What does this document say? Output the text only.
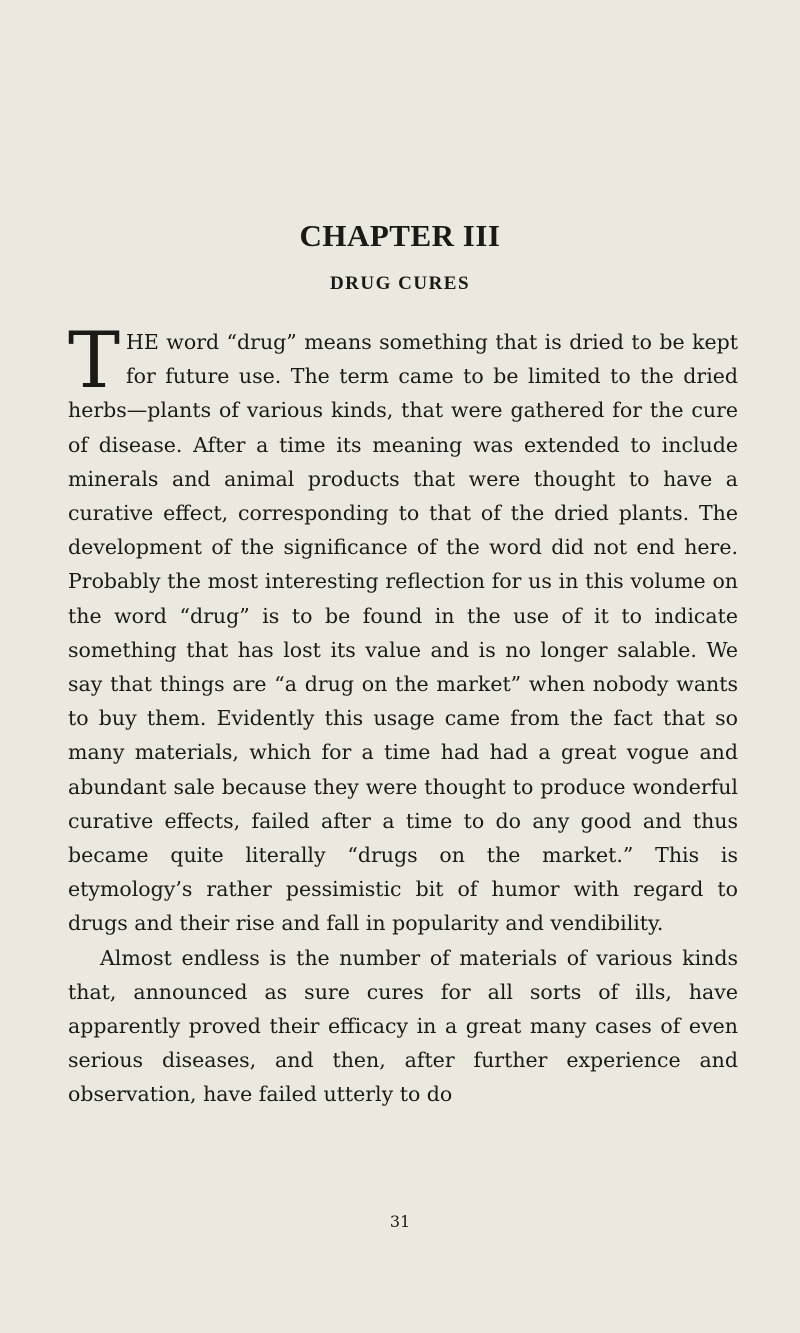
CHAPTER III
DRUG CURES

THE word “drug” means something that is dried to be kept for future use. The term came to be limited to the dried herbs—plants of various kinds, that were gathered for the cure of disease. After a time its meaning was extended to include minerals and animal products that were thought to have a curative effect, corresponding to that of the dried plants. The development of the significance of the word did not end here. Probably the most interesting reflection for us in this volume on the word “drug” is to be found in the use of it to indicate something that has lost its value and is no longer salable. We say that things are “a drug on the market” when nobody wants to buy them. Evidently this usage came from the fact that so many materials, which for a time had had a great vogue and abundant sale because they were thought to produce wonderful curative effects, failed after a time to do any good and thus became quite literally “drugs on the market.” This is etymology’s rather pessimistic bit of humor with regard to drugs and their rise and fall in popularity and vendibility.

Almost endless is the number of materials of various kinds that, announced as sure cures for all sorts of ills, have apparently proved their efficacy in a great many cases of even serious diseases, and then, after further experience and observation, have failed utterly to do

31
